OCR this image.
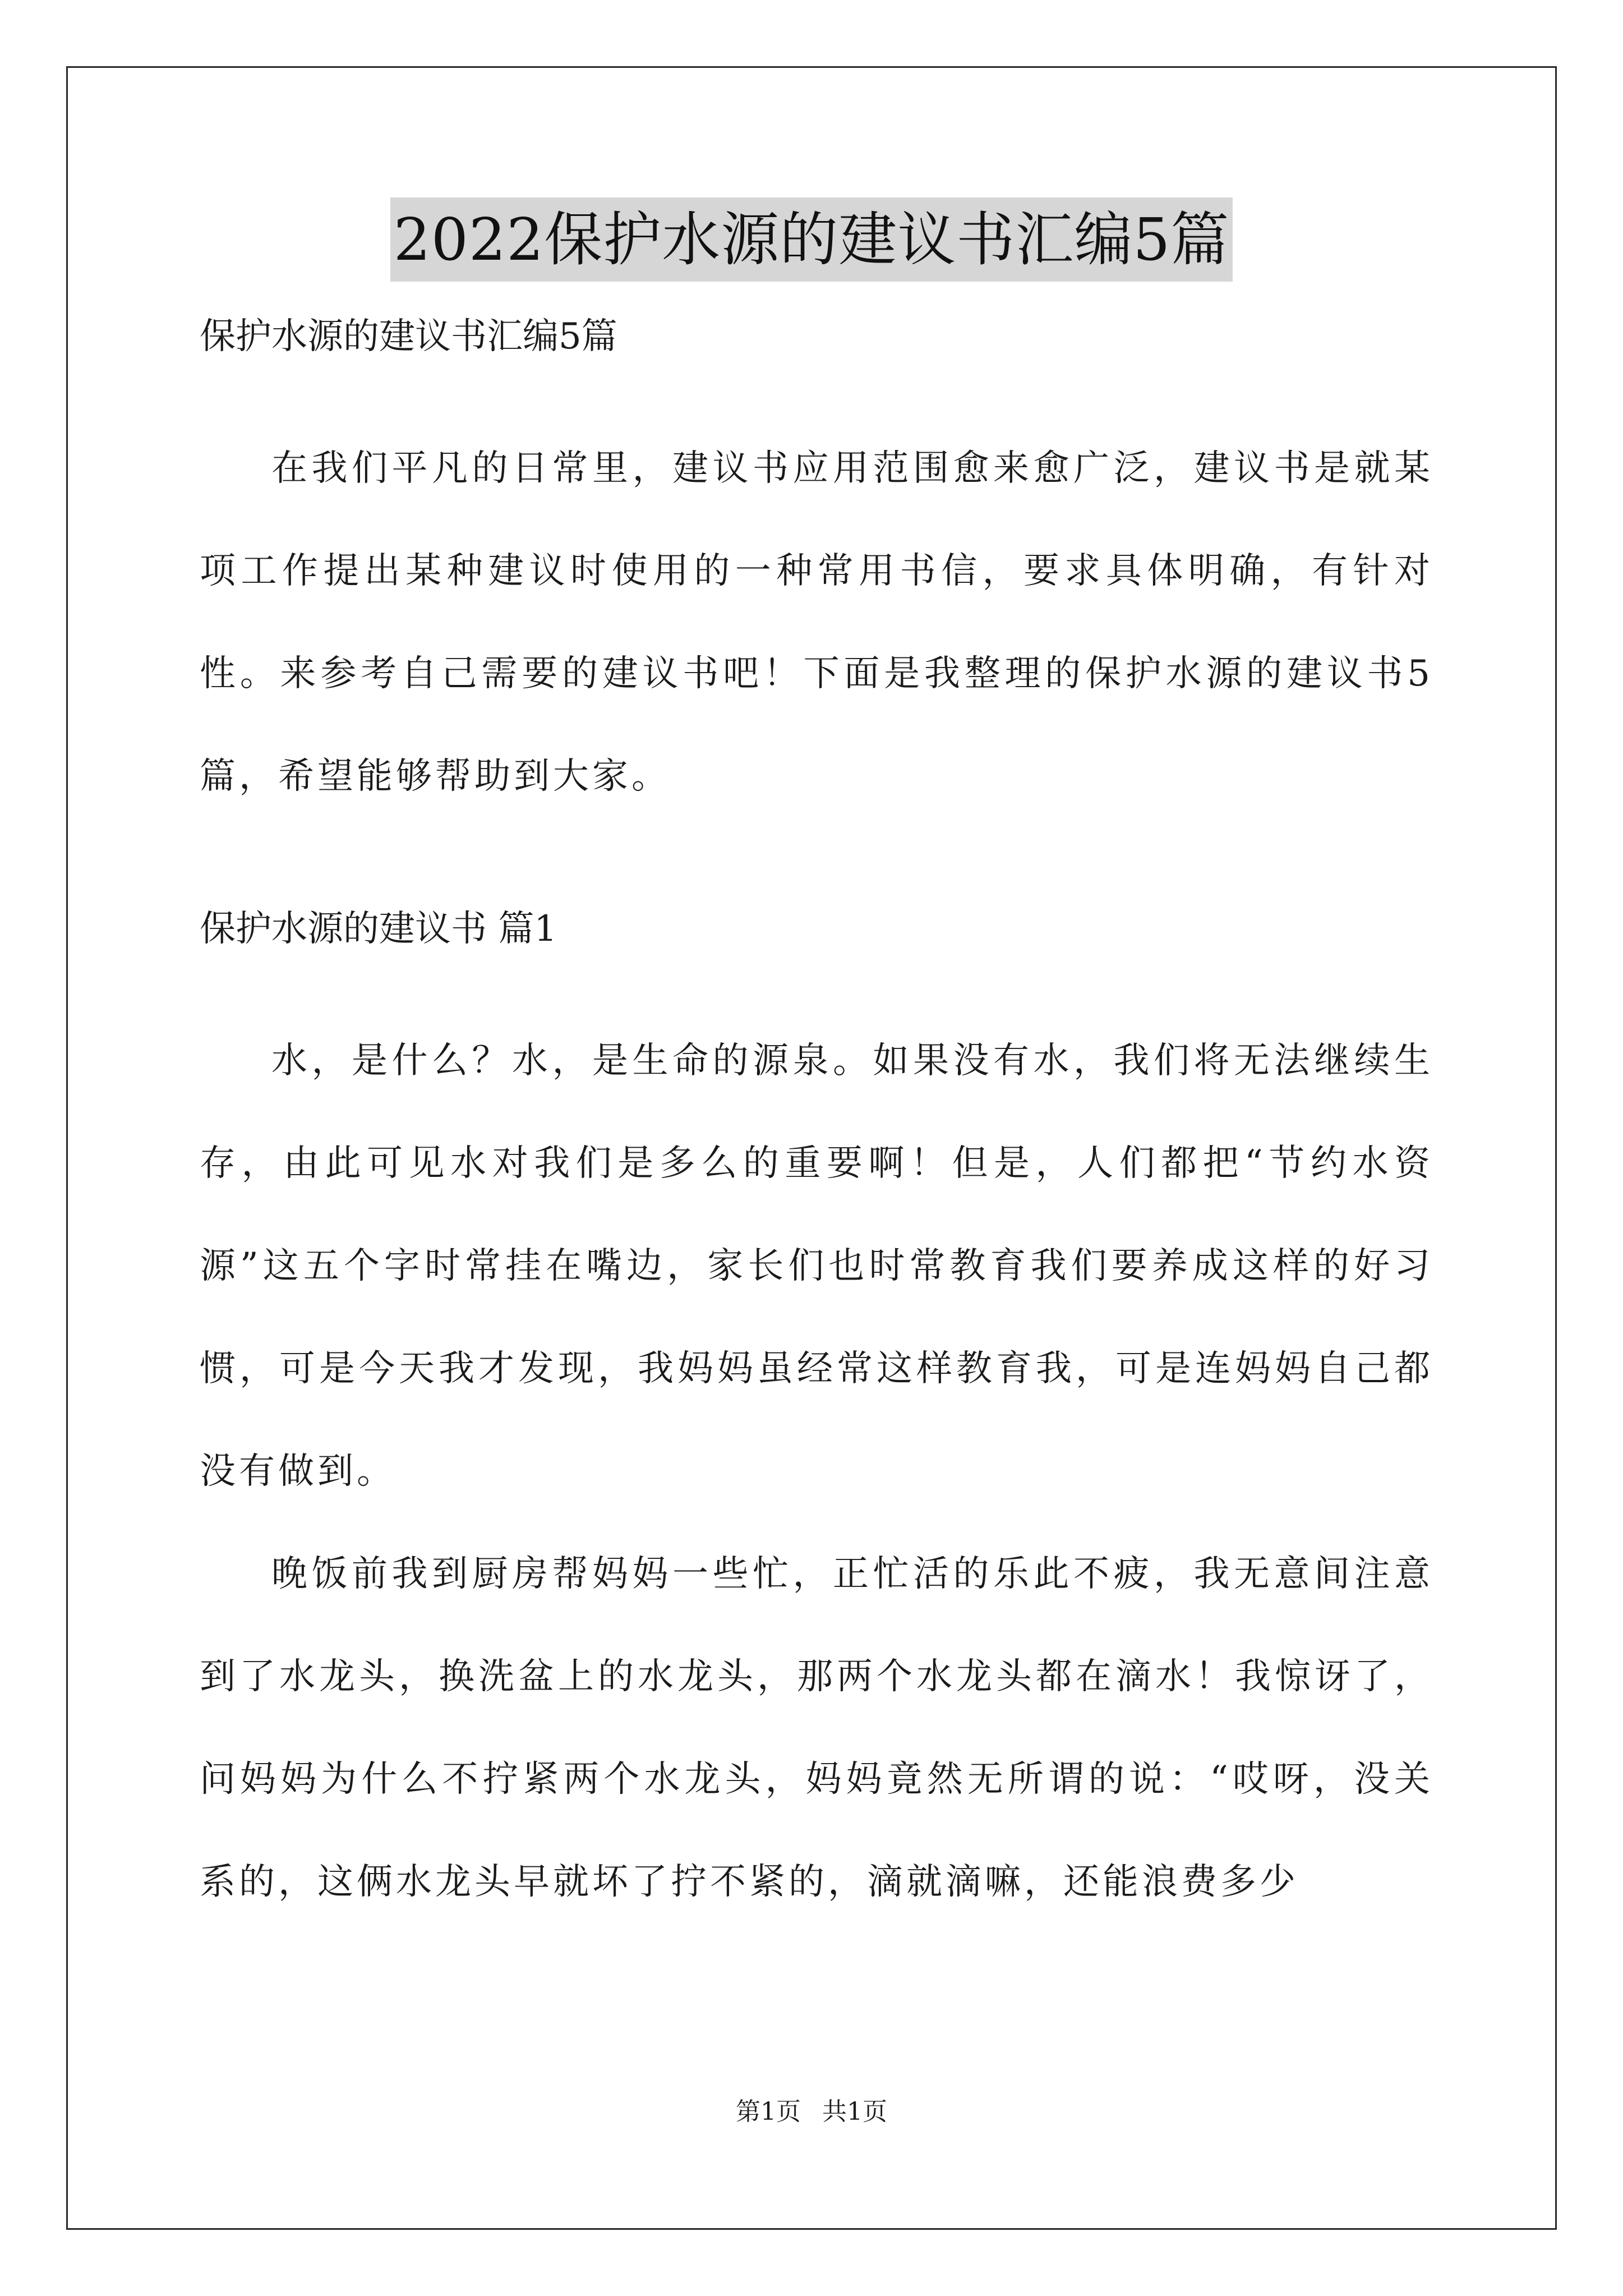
2022保护水源的建议书汇编5篇

保护水源的建议书汇编5篇

在我们平凡的日常里，建议书应用范围愈来愈广泛，建议书是就某项工作提出某种建议时使用的一种常用书信，要求具体明确，有针对性。来参考自己需要的建议书吧！下面是我整理的保护水源的建议书5篇，希望能够帮助到大家。

保护水源的建议书 篇1

水，是什么？水，是生命的源泉。如果没有水，我们将无法继续生存，由此可见水对我们是多么的重要啊！但是，人们都把“节约水资源”这五个字时常挂在嘴边，家长们也时常教育我们要养成这样的好习惯，可是今天我才发现，我妈妈虽经常这样教育我，可是连妈妈自己都没有做到。

晚饭前我到厨房帮妈妈一些忙，正忙活的乐此不疲，我无意间注意到了水龙头，换洗盆上的水龙头，那两个水龙头都在滴水！我惊讶了，问妈妈为什么不拧紧两个水龙头，妈妈竟然无所谓的说：“哎呀，没关系的，这俩水龙头早就坏了拧不紧的，滴就滴嘛，还能浪费多少

第1页 共1页
